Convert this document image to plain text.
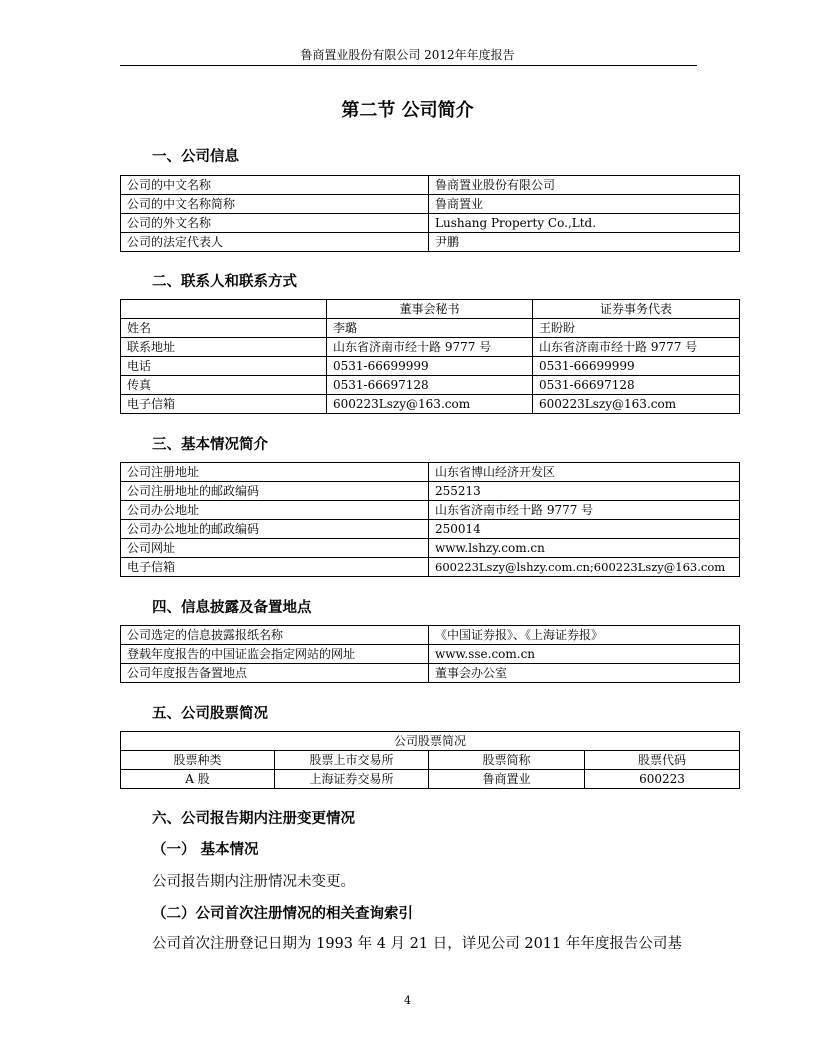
鲁商置业股份有限公司 2012年年度报告
第二节 公司简介
一、公司信息
公司的中文名称	鲁商置业股份有限公司
公司的中文名称简称	鲁商置业
公司的外文名称	Lushang Property Co.,Ltd.
公司的法定代表人	尹鹏
二、联系人和联系方式
	董事会秘书	证券事务代表
姓名	李璐	王盼盼
联系地址	山东省济南市经十路 9777 号	山东省济南市经十路 9777 号
电话	0531-66699999	0531-66699999
传真	0531-66697128	0531-66697128
电子信箱	600223Lszy@163.com	600223Lszy@163.com
三、基本情况简介
公司注册地址	山东省博山经济开发区
公司注册地址的邮政编码	255213
公司办公地址	山东省济南市经十路 9777 号
公司办公地址的邮政编码	250014
公司网址	www.lshzy.com.cn
电子信箱	600223Lszy@lshzy.com.cn;600223Lszy@163.com
四、信息披露及备置地点
公司选定的信息披露报纸名称	《中国证券报》、《上海证券报》
登载年度报告的中国证监会指定网站的网址	www.sse.com.cn
公司年度报告备置地点	董事会办公室
五、公司股票简况
公司股票简况			
股票种类	股票上市交易所	股票简称	股票代码
A 股	上海证券交易所	鲁商置业	600223
六、公司报告期内注册变更情况
（一） 基本情况
公司报告期内注册情况未变更。
（二）公司首次注册情况的相关查询索引
公司首次注册登记日期为 1993 年 4 月 21 日，详见公司 2011 年年度报告公司基
4
